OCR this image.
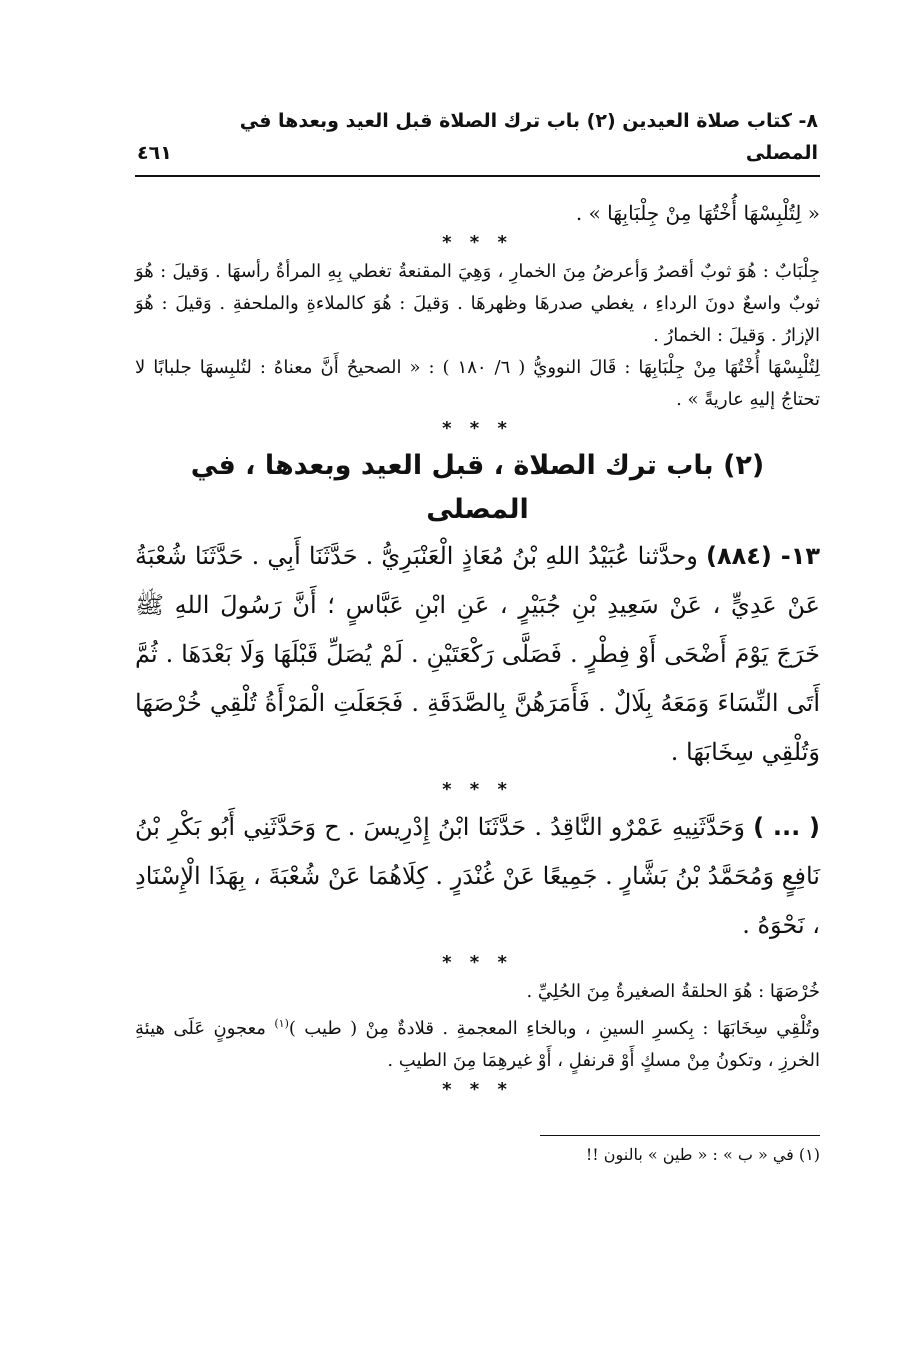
٨- كتاب صلاة العيدين (٢) باب ترك الصلاة قبل العيد وبعدها في المصلى
٤٦١
« لِتُلْبِسْهَا أُخْتُهَا مِنْ جِلْبَابِهَا » .
* * *

جِلْبَابٌ : هُوَ ثوبٌ أقصرُ وَأعرضُ مِنَ الخمارِ ، وَهِيَ المقنعةُ تغطي بِهِ المرأةُ رأسهَا . وَقيلَ : هُوَ ثوبٌ واسعٌ دونَ الرداءِ ، يغطي صدرهَا وظهرهَا . وَقيلَ : هُوَ كالملاءةِ والملحفةِ . وَقيلَ : هُوَ الإزارُ . وَقيلَ : الخمارُ .

لِتُلْبِسْهَا أُخْتُهَا مِنْ جِلْبَابِهَا : قَالَ النوويُّ ( ٦/ ١٨٠ ) : « الصحيحُ أَنَّ معناهُ : لتُلبِسهَا جلبابًا لا تحتاجُ إليهِ عاريةً » .

* * *
(٢) باب ترك الصلاة ، قبل العيد وبعدها ، في المصلى
١٣- (٨٨٤) وحدَّثنا عُبَيْدُ اللهِ بْنُ مُعَاذٍ الْعَنْبَرِيُّ . حَدَّثَنَا أَبِي . حَدَّثَنَا شُعْبَةُ عَنْ عَدِيٍّ ، عَنْ سَعِيدِ بْنِ جُبَيْرٍ ، عَنِ ابْنِ عَبَّاسٍ ؛ أَنَّ رَسُولَ اللهِ ﷺ خَرَجَ يَوْمَ أَضْحَى أَوْ فِطْرٍ . فَصَلَّى رَكْعَتَيْنِ . لَمْ يُصَلِّ قَبْلَهَا وَلَا بَعْدَهَا . ثُمَّ أَتَى النِّسَاءَ وَمَعَهُ بِلَالٌ . فَأَمَرَهُنَّ بِالصَّدَقَةِ . فَجَعَلَتِ الْمَرْأَةُ تُلْقِي خُرْصَهَا وَتُلْقِي سِخَابَهَا .
* * *
( ... ) وَحَدَّثَنِيهِ عَمْرٌو النَّاقِدُ . حَدَّثَنَا ابْنُ إِدْرِيسَ . ح وَحَدَّثَنِي أَبُو بَكْرِ بْنُ نَافِعٍ وَمُحَمَّدُ بْنُ بَشَّارٍ . جَمِيعًا عَنْ غُنْدَرٍ . كِلَاهُمَا عَنْ شُعْبَةَ ، بِهَذَا الْإِسْنَادِ ، نَحْوَهُ .
* * *

خُرْصَهَا : هُوَ الحلقةُ الصغيرةُ مِنَ الحُلِيِّ .

وتُلْقِي سِخَابَهَا : بِكسرِ السينِ ، وبالخاءِ المعجمةِ . قلادةٌ مِنْ ( طيب )$^{(١)}$ معجونٍ عَلَى هيئةِ الخرزِ ، وتكونُ مِنْ مسكٍ أَوْ قرنفلٍ ، أَوْ غيرهِمَا مِنَ الطيبِ .

* * *
(١) في « ب » : « طين » بالنون !!
